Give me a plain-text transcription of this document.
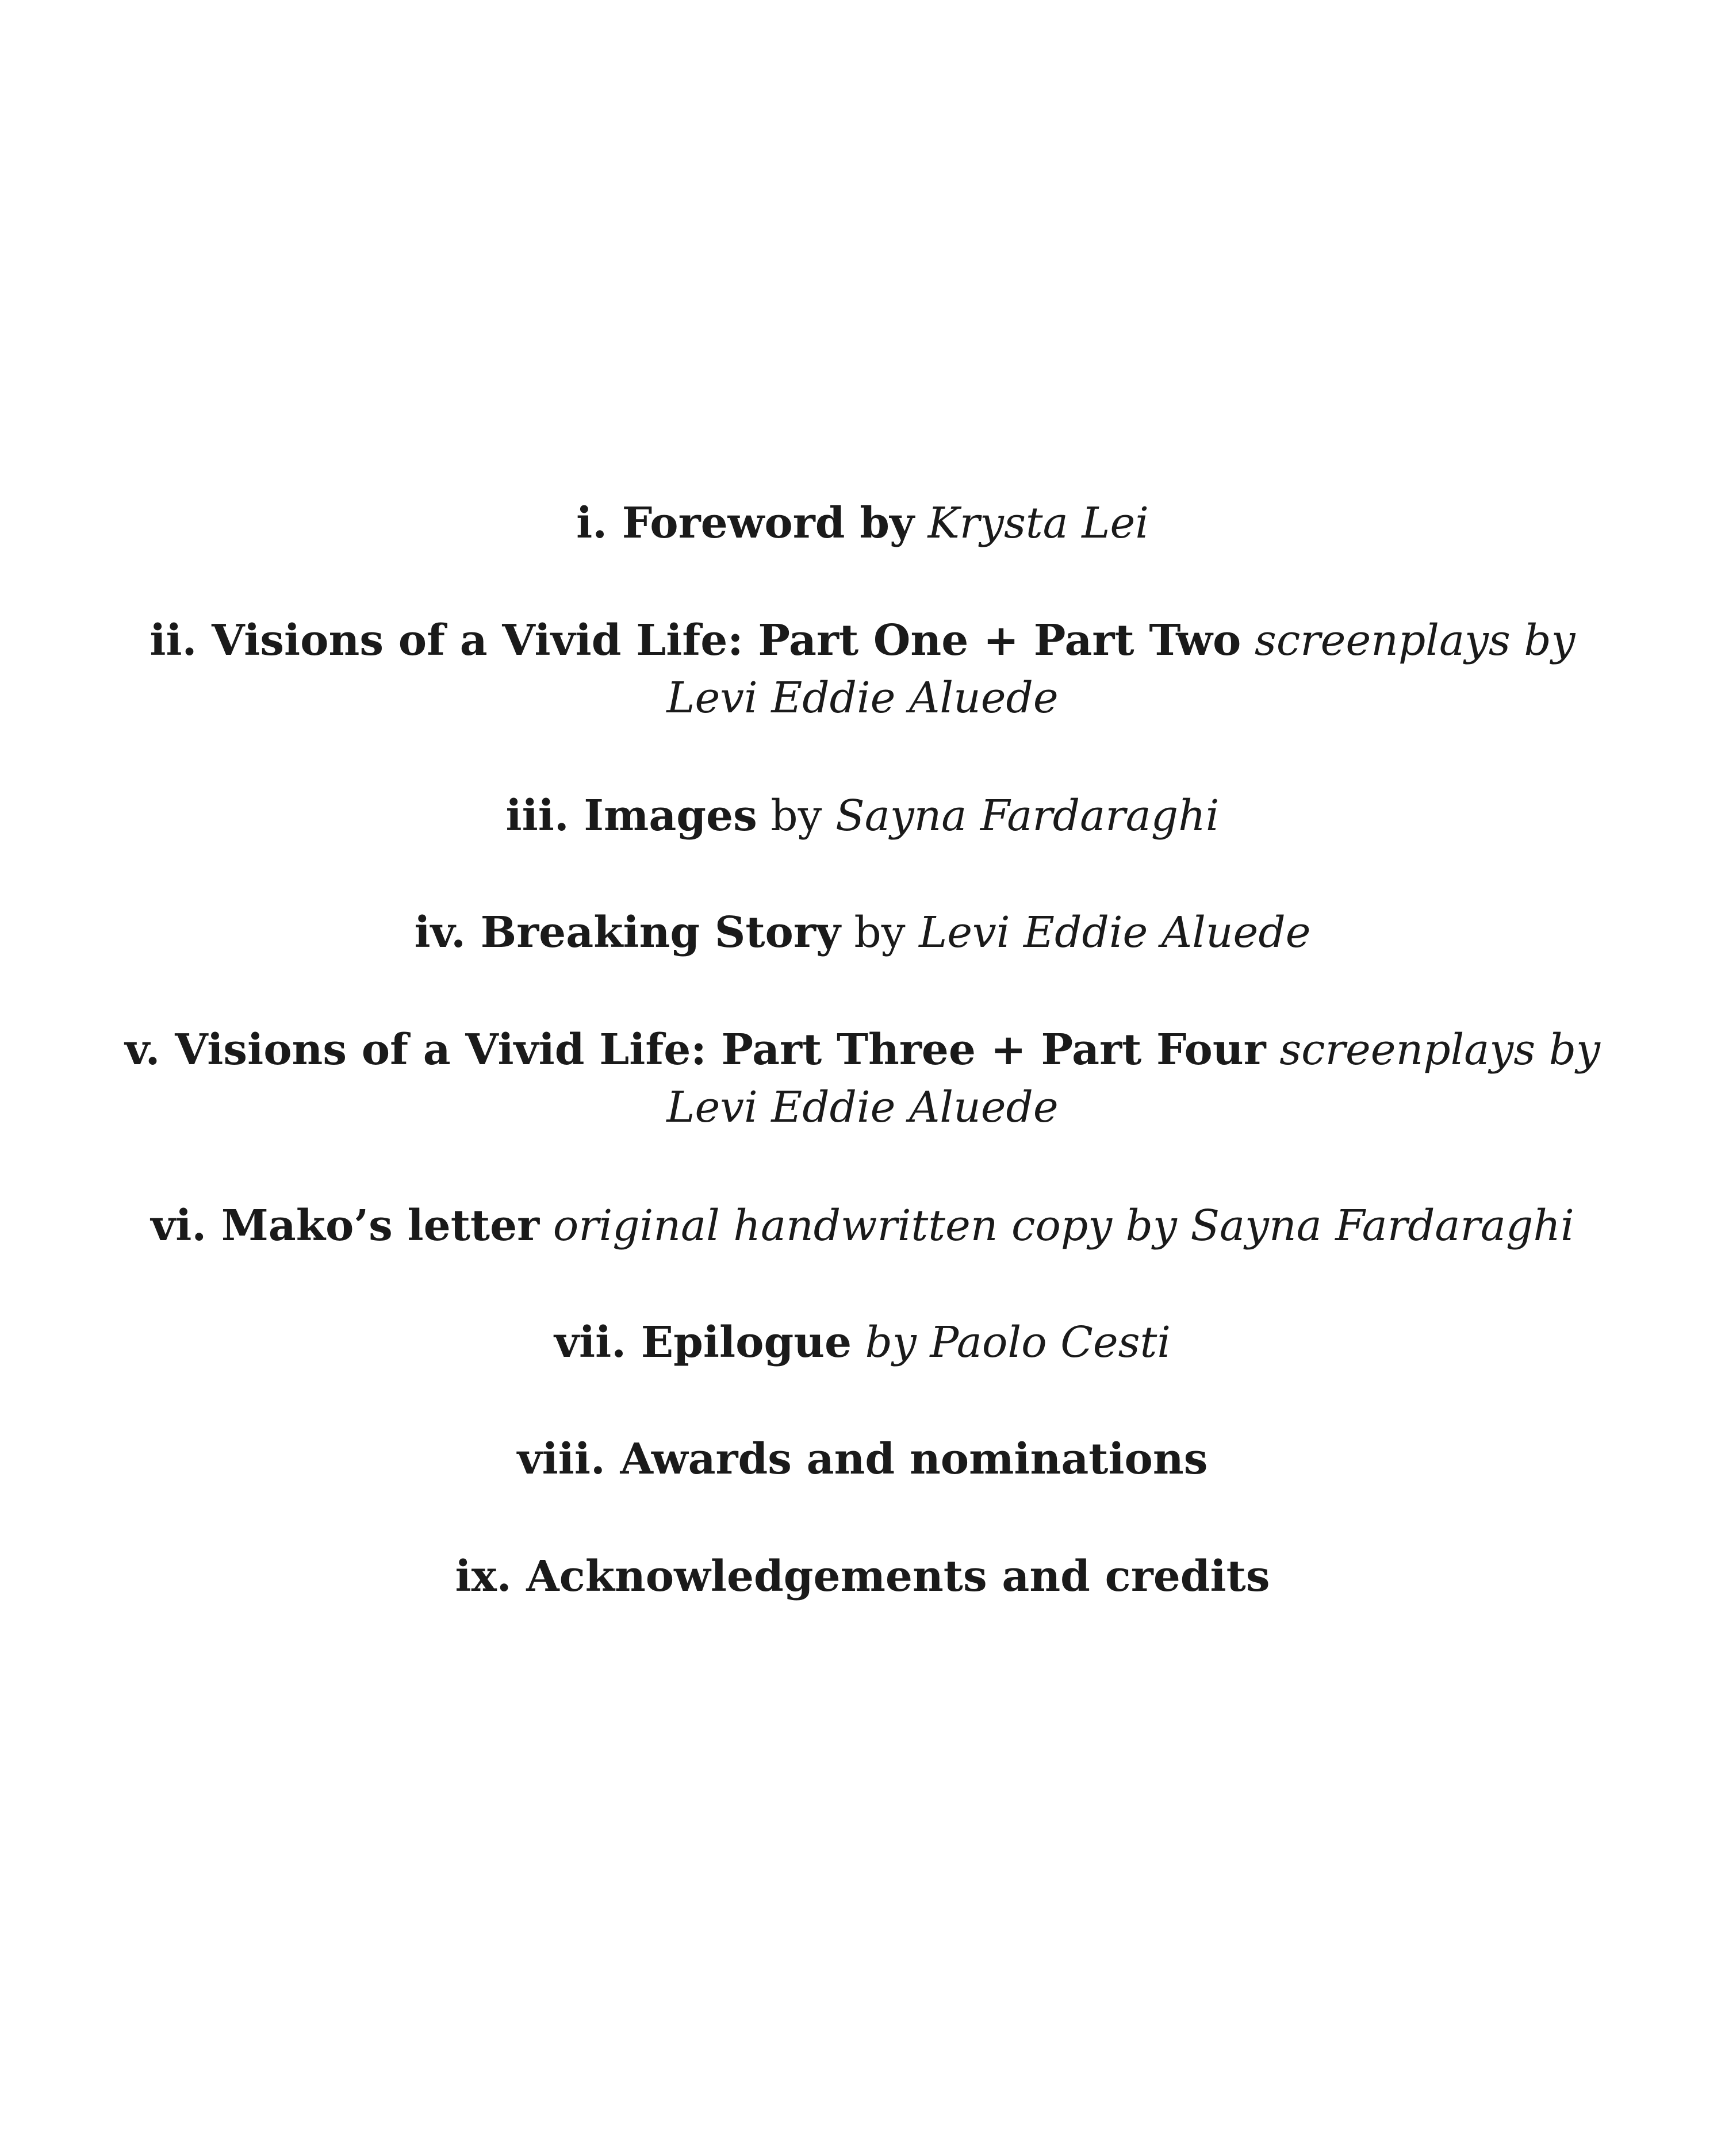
i. Foreword by Krysta Lei
ii. Visions of a Vivid Life: Part One + Part Two screenplays by
Levi Eddie Aluede
iii. Images by Sayna Fardaraghi
iv. Breaking Story by Levi Eddie Aluede
v. Visions of a Vivid Life: Part Three + Part Four screenplays by
Levi Eddie Aluede
vi. Mako’s letter original handwritten copy by Sayna Fardaraghi
vii. Epilogue by Paolo Cesti
viii. Awards and nominations
ix. Acknowledgements and credits
